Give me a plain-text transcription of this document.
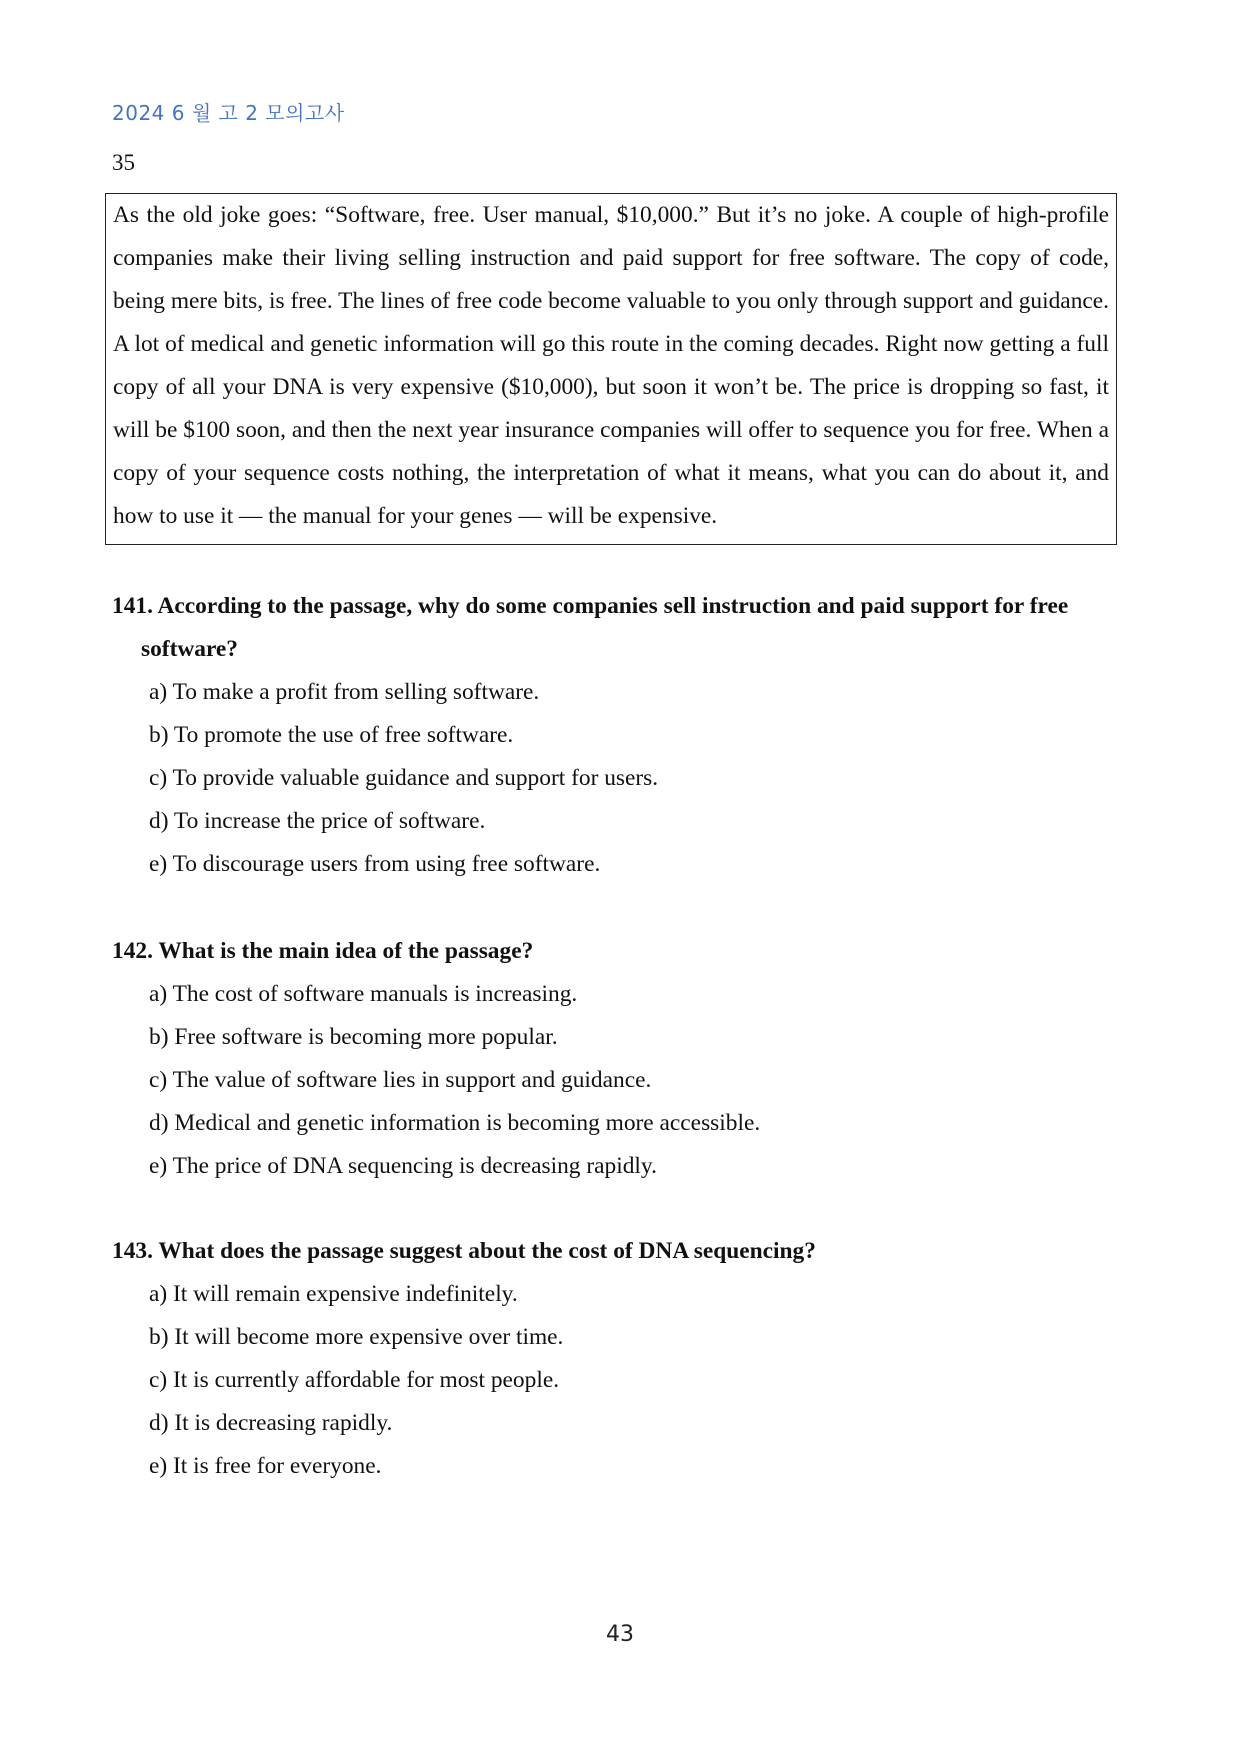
2024 6 월 고 2 모의고사
35

As the old joke goes: “Software, free. User manual, $10,000.” But it’s no joke. A couple of high-profile companies make their living selling instruction and paid support for free software. The copy of code, being mere bits, is free. The lines of free code become valuable to you only through support and guidance. A lot of medical and genetic information will go this route in the coming decades. Right now getting a full copy of all your DNA is very expensive ($10,000), but soon it won’t be. The price is dropping so fast, it will be $100 soon, and then the next year insurance companies will offer to sequence you for free. When a copy of your sequence costs nothing, the interpretation of what it means, what you can do about it, and how to use it — the manual for your genes — will be expensive.

141. According to the passage, why do some companies sell instruction and paid support for free software?

a) To make a profit from selling software.
b) To promote the use of free software.
c) To provide valuable guidance and support for users.
d) To increase the price of software.
e) To discourage users from using free software.

142. What is the main idea of the passage?

a) The cost of software manuals is increasing.
b) Free software is becoming more popular.
c) The value of software lies in support and guidance.
d) Medical and genetic information is becoming more accessible.
e) The price of DNA sequencing is decreasing rapidly.

143. What does the passage suggest about the cost of DNA sequencing?

a) It will remain expensive indefinitely.
b) It will become more expensive over time.
c) It is currently affordable for most people.
d) It is decreasing rapidly.
e) It is free for everyone.
43
